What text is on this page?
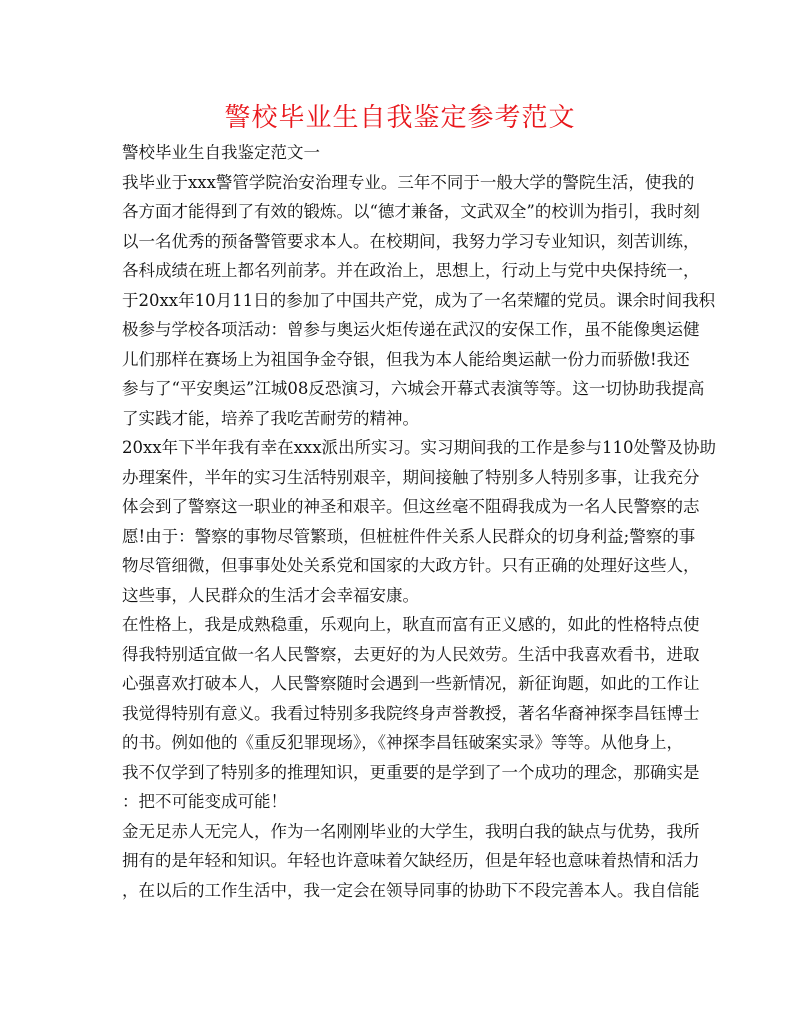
警校毕业生自我鉴定参考范文

警校毕业生自我鉴定范文一

我毕业于xxx警管学院治安治理专业。三年不同于一般大学的警院生活，使我的
各方面才能得到了有效的锻炼。以“德才兼备，文武双全”的校训为指引，我时刻
以一名优秀的预备警管要求本人。在校期间，我努力学习专业知识，刻苦训练，
各科成绩在班上都名列前茅。并在政治上，思想上，行动上与党中央保持统一，
于20xx年10月11日的参加了中国共产党，成为了一名荣耀的党员。课余时间我积
极参与学校各项活动：曾参与奥运火炬传递在武汉的安保工作，虽不能像奥运健
儿们那样在赛场上为祖国争金夺银，但我为本人能给奥运献一份力而骄傲!我还
参与了“平安奥运”江城08反恐演习，六城会开幕式表演等等。这一切协助我提高
了实践才能，培养了我吃苦耐劳的精神。

20xx年下半年我有幸在xxx派出所实习。实习期间我的工作是参与110处警及协助
办理案件，半年的实习生活特别艰辛，期间接触了特别多人特别多事，让我充分
体会到了警察这一职业的神圣和艰辛。但这丝毫不阻碍我成为一名人民警察的志
愿!由于：警察的事物尽管繁琐，但桩桩件件关系人民群众的切身利益;警察的事
物尽管细微，但事事处处关系党和国家的大政方针。只有正确的处理好这些人，
这些事，人民群众的生活才会幸福安康。

在性格上，我是成熟稳重，乐观向上，耿直而富有正义感的，如此的性格特点使
得我特别适宜做一名人民警察，去更好的为人民效劳。生活中我喜欢看书，进取
心强喜欢打破本人，人民警察随时会遇到一些新情况，新征询题，如此的工作让
我觉得特别有意义。我看过特别多我院终身声誉教授，著名华裔神探李昌钰博士
的书。例如他的《重反犯罪现场》，《神探李昌钰破案实录》等等。从他身上，
我不仅学到了特别多的推理知识，更重要的是学到了一个成功的理念，那确实是
：把不可能变成可能！

金无足赤人无完人，作为一名刚刚毕业的大学生，我明白我的缺点与优势，我所
拥有的是年轻和知识。年轻也许意味着欠缺经历，但是年轻也意味着热情和活力
，在以后的工作生活中，我一定会在领导同事的协助下不段完善本人。我自信能
